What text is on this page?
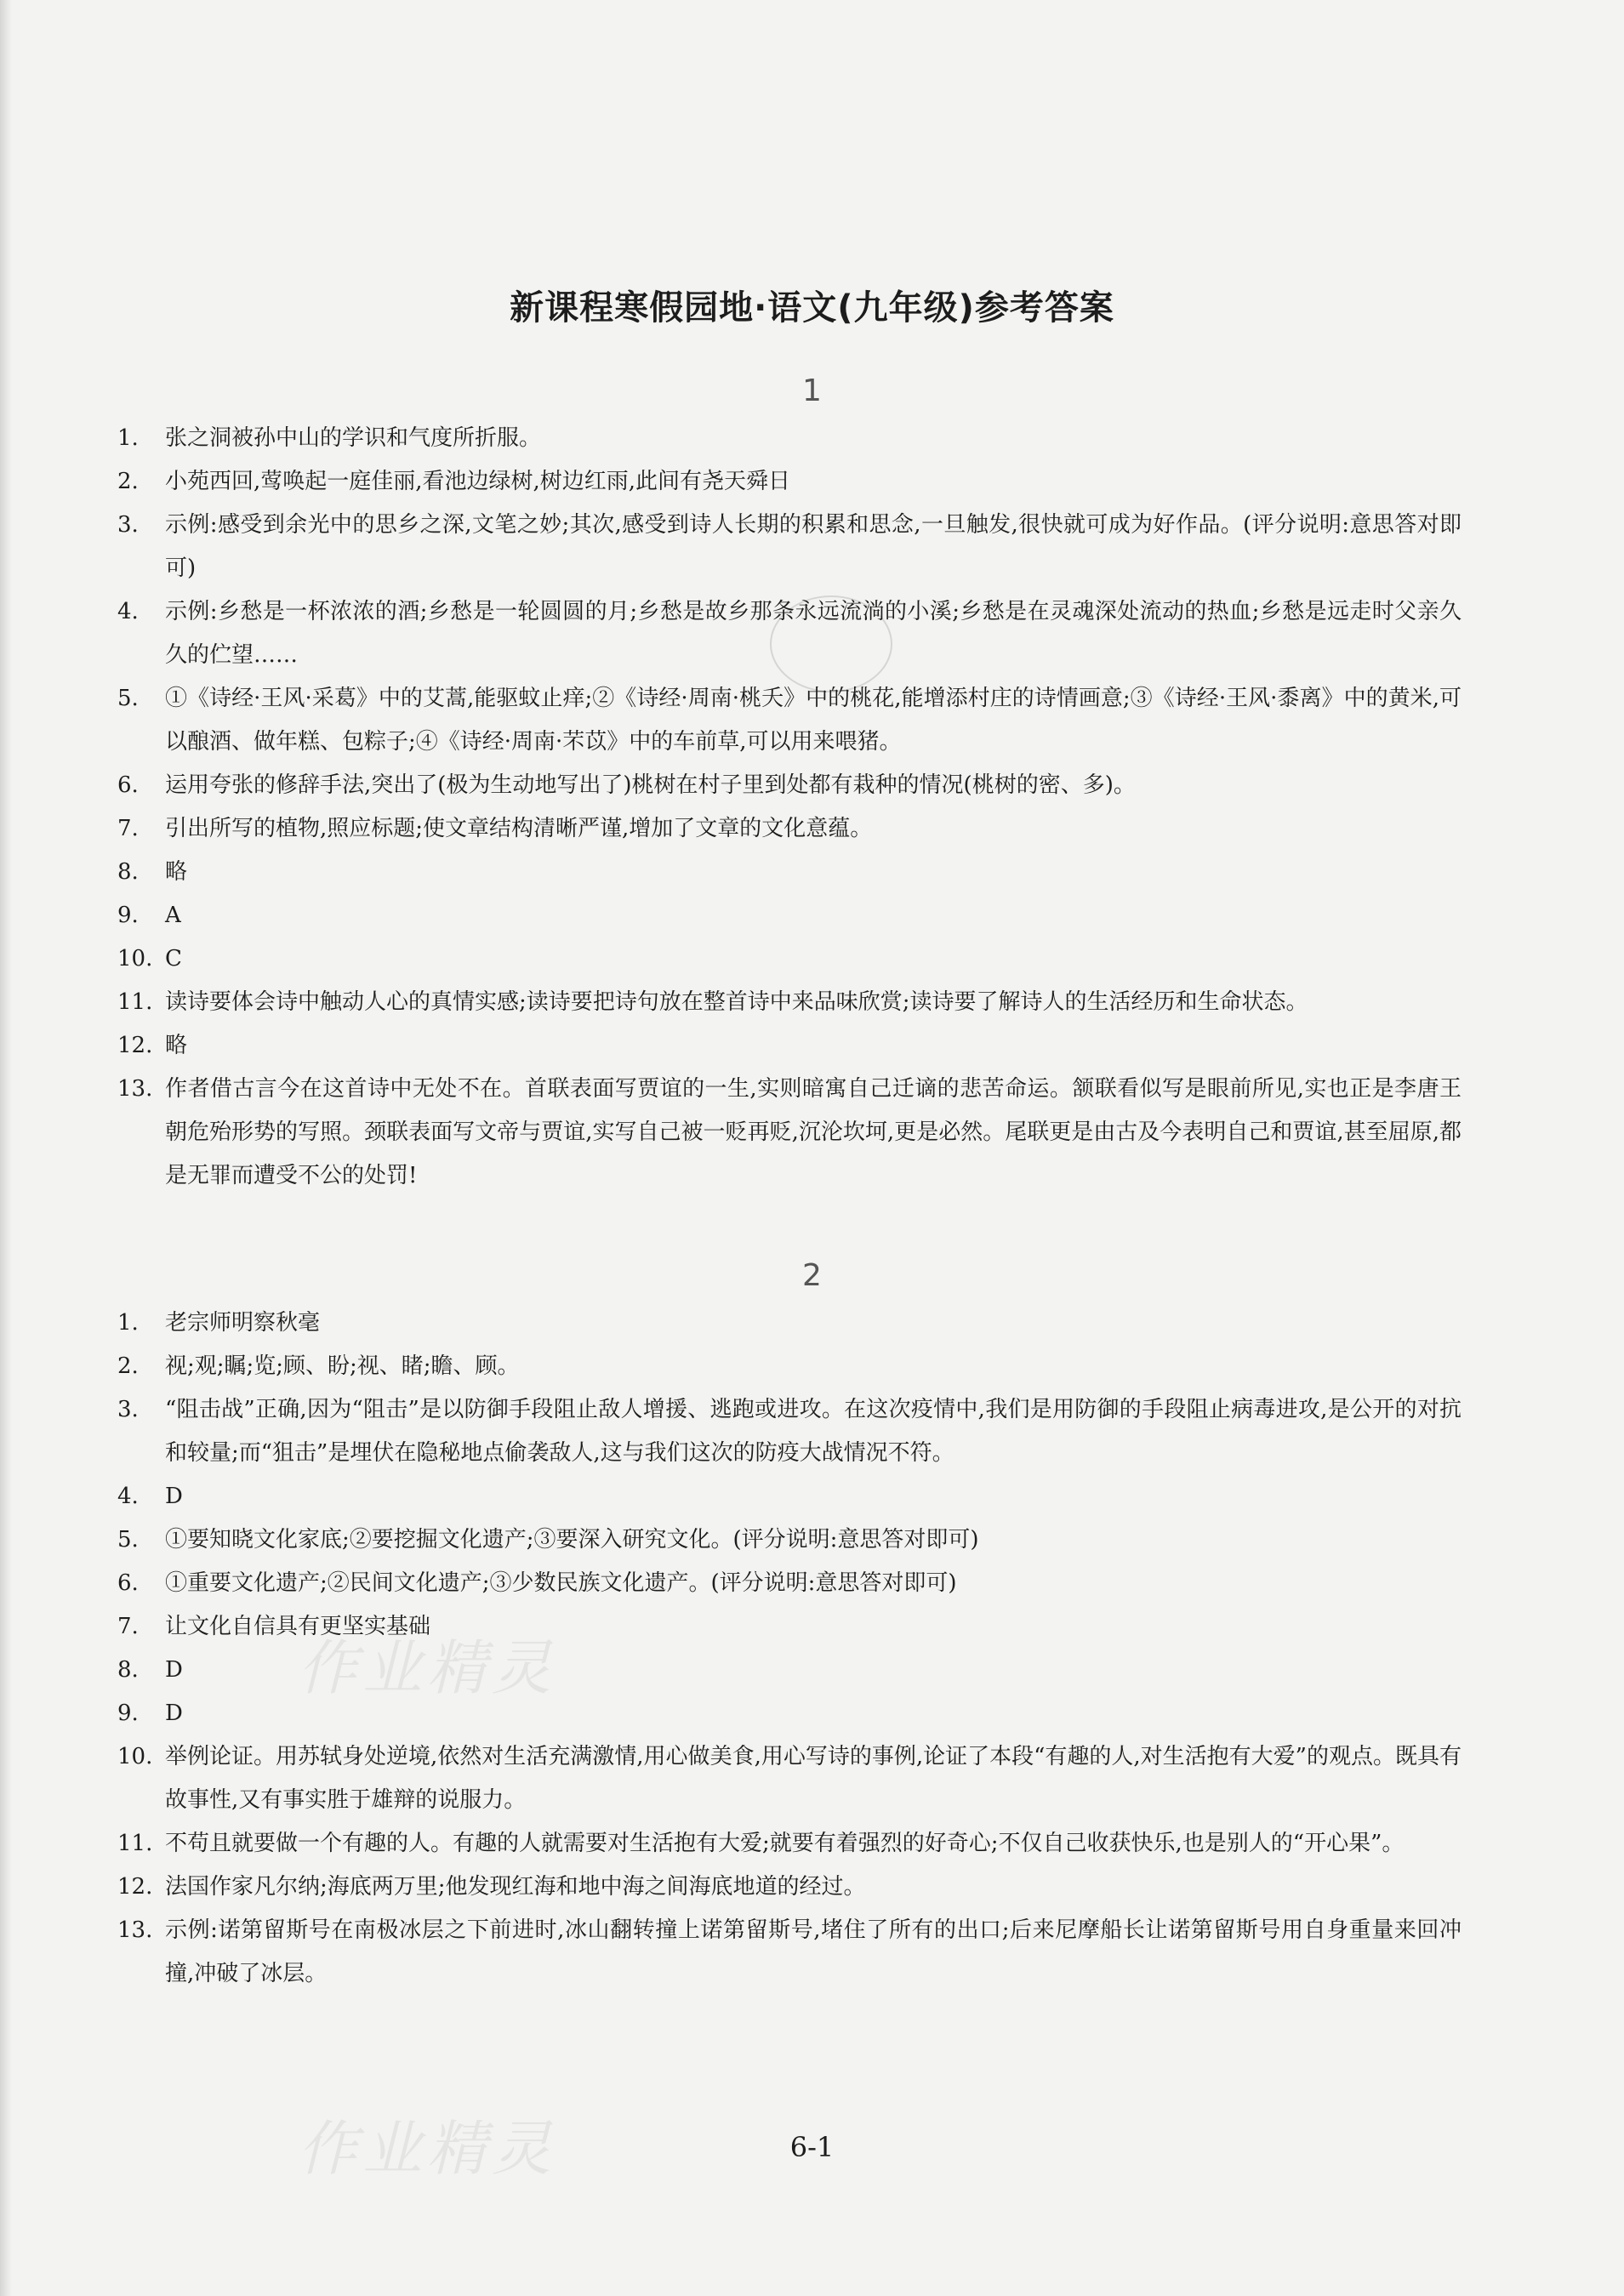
新课程寒假园地·语文(九年级)参考答案
1
1. 张之洞被孙中山的学识和气度所折服。
2. 小苑西回,莺唤起一庭佳丽,看池边绿树,树边红雨,此间有尧天舜日
3. 示例:感受到余光中的思乡之深,文笔之妙;其次,感受到诗人长期的积累和思念,一旦触发,很快就可成为好作品。(评分说明:意思答对即可)
4. 示例:乡愁是一杯浓浓的酒;乡愁是一轮圆圆的月;乡愁是故乡那条永远流淌的小溪;乡愁是在灵魂深处流动的热血;乡愁是远走时父亲久久的伫望……
5. ①《诗经·王风·采葛》中的艾蒿,能驱蚊止痒;②《诗经·周南·桃夭》中的桃花,能增添村庄的诗情画意;③《诗经·王风·黍离》中的黄米,可以酿酒、做年糕、包粽子;④《诗经·周南·芣苡》中的车前草,可以用来喂猪。
6. 运用夸张的修辞手法,突出了(极为生动地写出了)桃树在村子里到处都有栽种的情况(桃树的密、多)。
7. 引出所写的植物,照应标题;使文章结构清晰严谨,增加了文章的文化意蕴。
8. 略
9. A
10. C
11. 读诗要体会诗中触动人心的真情实感;读诗要把诗句放在整首诗中来品味欣赏;读诗要了解诗人的生活经历和生命状态。
12. 略
13. 作者借古言今在这首诗中无处不在。首联表面写贾谊的一生,实则暗寓自己迁谪的悲苦命运。颔联看似写是眼前所见,实也正是李唐王朝危殆形势的写照。颈联表面写文帝与贾谊,实写自己被一贬再贬,沉沦坎坷,更是必然。尾联更是由古及今表明自己和贾谊,甚至屈原,都是无罪而遭受不公的处罚!
2
1. 老宗师明察秋毫
2. 视;观;瞩;览;顾、盼;视、睹;瞻、顾。
3. “阻击战”正确,因为“阻击”是以防御手段阻止敌人增援、逃跑或进攻。在这次疫情中,我们是用防御的手段阻止病毒进攻,是公开的对抗和较量;而“狙击”是埋伏在隐秘地点偷袭敌人,这与我们这次的防疫大战情况不符。
4. D
5. ①要知晓文化家底;②要挖掘文化遗产;③要深入研究文化。(评分说明:意思答对即可)
6. ①重要文化遗产;②民间文化遗产;③少数民族文化遗产。(评分说明:意思答对即可)
7. 让文化自信具有更坚实基础
8. D
9. D
10. 举例论证。用苏轼身处逆境,依然对生活充满激情,用心做美食,用心写诗的事例,论证了本段“有趣的人,对生活抱有大爱”的观点。既具有故事性,又有事实胜于雄辩的说服力。
11. 不苟且就要做一个有趣的人。有趣的人就需要对生活抱有大爱;就要有着强烈的好奇心;不仅自己收获快乐,也是别人的“开心果”。
12. 法国作家凡尔纳;海底两万里;他发现红海和地中海之间海底地道的经过。
13. 示例:诺第留斯号在南极冰层之下前进时,冰山翻转撞上诺第留斯号,堵住了所有的出口;后来尼摩船长让诺第留斯号用自身重量来回冲撞,冲破了冰层。
作业精灵
作业精灵	6-1
